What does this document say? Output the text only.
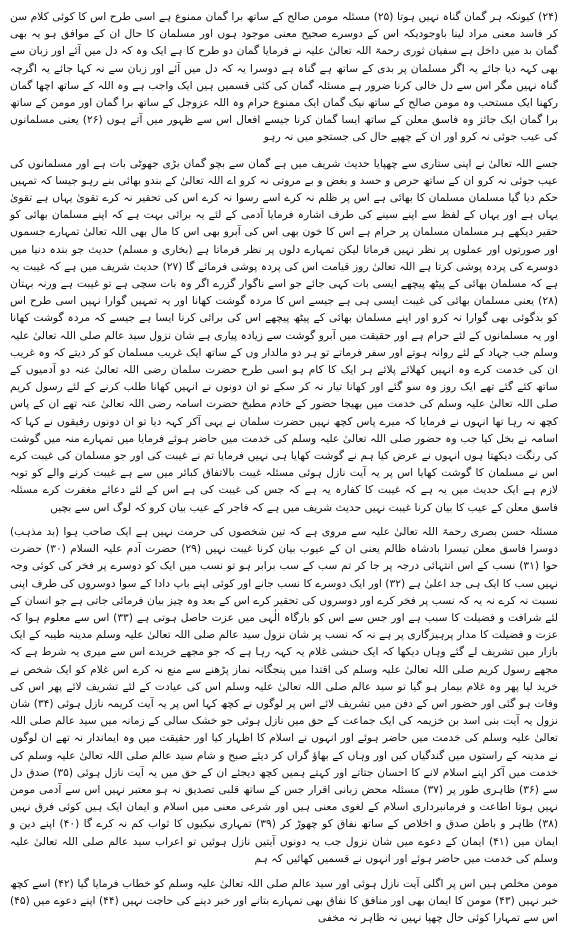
(۲۴) کیونکہ ہر گمان گناہ نہیں ہوتا (۲۵) مسئلہ مومن صالح کے ساتھ برا گمان ممنوع ہے اسی طرح اس کا کوئی کلام سن کر فاسد معنی مراد لینا باوجودیکہ اس کے دوسرے صحیح معنی موجود ہوں اور مسلمان کا حال ان کے موافق ہو یہ بھی گمان بد میں داخل ہے سفیان ثوری رحمۃ اللہ تعالیٰ علیہ نے فرمایا گمان دو طرح کا ہے ایک وہ کہ دل میں آئے اور زبان سے بھی کہہ دیا جائے یہ اگر مسلمان پر بدی کے ساتھ ہے گناہ ہے دوسرا یہ کہ دل میں آئے اور زبان سے نہ کہا جائے یہ اگرچہ گناہ نہیں مگر اس سے دل خالی کرنا ضرور ہے مسئلہ گمان کی کئی قسمیں ہیں ایک واجب ہے وہ اللہ کے ساتھ اچھا گمان رکھنا ایک مستحب وہ مومن صالح کے ساتھ نیک گمان ایک ممنوع حرام وہ اللہ عزوجل کے ساتھ برا گمان اور مومن کے ساتھ برا گمان ایک جائز وہ فاسق معلن کے ساتھ ایسا گمان کرنا جیسے افعال اس سے ظہور میں آتے ہوں (۲۶) یعنی مسلمانوں کی عیب جوئی نہ کرو اور ان کے چھپے حال کی جستجو میں نہ رہو

جسے اللہ تعالیٰ نے اپنی ستاری سے چھپایا حدیث شریف میں ہے گمان سے بچو گمان بڑی جھوٹی بات ہے اور مسلمانوں کی عیب جوئی نہ کرو ان کے ساتھ حرص و حسد و بغض و بے مروتی نہ کرو اے اللہ تعالیٰ کے بندو بھائی بنے رہو جیسا کہ تمہیں حکم دیا گیا مسلمان مسلمان کا بھائی ہے اس پر ظلم نہ کرے اسے رسوا نہ کرے اس کی تحقیر نہ کرے تقویٰ یہاں ہے تقویٰ یہاں ہے اور یہاں کے لفظ سے اپنے سینے کی طرف اشارہ فرمایا آدمی کے لئے یہ برائی بہت ہے کہ اپنے مسلمان بھائی کو حقیر دیکھے ہر مسلمان مسلمان پر حرام ہے اس کا خون بھی اس کی آبرو بھی اس کا مال بھی اللہ تعالیٰ تمہارے جسموں اور صورتوں اور عملوں پر نظر نہیں فرماتا لیکن تمہارے دلوں پر نظر فرماتا ہے (بخاری و مسلم) حدیث جو بندہ دنیا میں دوسرے کی پردہ پوشی کرتا ہے اللہ تعالیٰ روز قیامت اس کی پردہ پوشی فرمائے گا (۲۷) حدیث شریف میں ہے کہ غیبت یہ ہے کہ مسلمان بھائی کے پیٹھ پیچھے ایسی بات کہی جائے جو اسے ناگوار گزرے اگر وہ بات سچی ہے تو غیبت ہے ورنہ بہتان (۲۸) یعنی مسلمان بھائی کی غیبت ایسی ہی ہے جیسے اس کا مردہ گوشت کھانا اور یہ تمہیں گوارا نہیں اسی طرح اس کو بدگوئی بھی گوارا نہ کرو اور اپنے مسلمان بھائی کے پیٹھ پیچھے اس کی برائی کرنا ایسا ہے جیسے کہ مردہ گوشت کھانا اور یہ مسلمانوں کے لئے حرام ہے اور حقیقت میں آبرو گوشت سے زیادہ پیاری ہے شان نزول سید عالم صلی اللہ تعالیٰ علیہ وسلم جب جہاد کے لئے روانہ ہوتے اور سفر فرماتے تو ہر دو مالدار وں کے ساتھ ایک غریب مسلمان کو کر دیتے کہ وہ غریب ان کی خدمت کرے وہ انہیں کھلائے پلائے ہر ایک کا کام ہو اسی طرح حضرت سلمان رضی اللہ تعالیٰ عنہ دو آدمیوں کے ساتھ کئے گئے تھے ایک روز وہ سو گئے اور کھانا تیار نہ کر سکے تو ان دونوں نے انہیں کھانا طلب کرنے کے لئے رسول کریم صلی اللہ تعالیٰ علیہ وسلم کی خدمت میں بھیجا حضور کے خادم مطبخ حضرت اسامہ رضی اللہ تعالیٰ عنہ تھے ان کے پاس کچھ نہ رہا تھا انہوں نے فرمایا کہ میرے پاس کچھ نہیں حضرت سلمان نے یہی آکر کہہ دیا تو ان دونوں رفیقوں نے کہا کہ اسامہ نے بخل کیا جب وہ حضور صلی اللہ تعالیٰ علیہ وسلم کی خدمت میں حاضر ہوئے فرمایا میں تمہارے منہ میں گوشت کی رنگت دیکھتا ہوں انہوں نے عرض کیا ہم نے گوشت کھایا ہی نہیں فرمایا تم نے غیبت کی اور جو مسلمان کی غیبت کرے اس نے مسلمان کا گوشت کھایا اس پر یہ آیت نازل ہوئی مسئلہ غیبت بالاتفاق کبائر میں سے ہے غیبت کرنے والے کو توبہ لازم ہے ایک حدیث میں یہ ہے کہ غیبت کا کفارہ یہ ہے کہ جس کی غیبت کی ہے اس کے لئے دعائے مغفرت کرے مسئلہ فاسق معلن کے عیب کا بیان کرنا غیبت نہیں حدیث شریف میں ہے کہ فاجر کے عیب بیان کرو کہ لوگ اس سے بچیں

مسئلہ حسن بصری رحمۃ اللہ تعالیٰ علیہ سے مروی ہے کہ تین شخصوں کی حرمت نہیں ہے ایک صاحب ہوا (بد مذہب) دوسرا فاسق معلن تیسرا بادشاہ ظالم یعنی ان کے عیوب بیان کرنا غیبت نہیں (۲۹) حضرت آدم علیہ السلام (۳۰) حضرت حوا (۳۱) نسب کے اس انتہائی درجہ پر جا کر تم سب کے سب برابر ہو تو نسب میں ایک کو دوسرے پر فخر کی کوئی وجہ نہیں سب کا ایک ہی جد اعلیٰ ہے (۳۲) اور ایک دوسرے کا نسب جانے اور کوئی اپنے باپ دادا کے سوا دوسروں کی طرف اپنی نسبت نہ کرے نہ یہ کہ نسب پر فخر کرے اور دوسروں کی تحقیر کرے اس کے بعد وہ چیز بیان فرمائی جاتی ہے جو انسان کے لئے شرافت و فضیلت کا سبب ہے اور جس سے اس کو بارگاہ الٰہی میں عزت حاصل ہوتی ہے (۳۳) اس سے معلوم ہوا کہ عزت و فضیلت کا مدار پرہیزگاری پر ہے نہ کہ نسب پر شان نزول سید عالم صلی اللہ تعالیٰ علیہ وسلم مدینہ طیبہ کے ایک بازار میں تشریف لے گئے وہاں دیکھا کہ ایک حبشی غلام یہ کہہ رہا ہے کہ جو مجھے خریدے اس سے میری یہ شرط ہے کہ مجھے رسول کریم صلی اللہ تعالیٰ علیہ وسلم کی اقتدا میں پنجگانہ نماز پڑھنے سے منع نہ کرے اس غلام کو ایک شخص نے خرید لیا پھر وہ غلام بیمار ہو گیا تو سید عالم صلی اللہ تعالیٰ علیہ وسلم اس کی عیادت کے لئے تشریف لائے پھر اس کی وفات ہو گئی اور حضور اس کے دفن میں تشریف لائے اس پر لوگوں نے کچھ کہا اس پر یہ آیت کریمہ نازل ہوئی (۳۴) شان نزول یہ آیت بنی اسد بن خزیمہ کی ایک جماعت کے حق میں نازل ہوئی جو خشک سالی کے زمانہ میں سید عالم صلی اللہ تعالیٰ علیہ وسلم کی خدمت میں حاضر ہوئے اور انہوں نے اسلام کا اظہار کیا اور حقیقت میں وہ ایماندار نہ تھے ان لوگوں نے مدینہ کے راستوں میں گندگیاں کیں اور وہاں کے بھاؤ گراں کر دیئے صبح و شام سید عالم صلی اللہ تعالیٰ علیہ وسلم کی خدمت میں آکر اپنے اسلام لانے کا احسان جتاتے اور کہتے ہمیں کچھ دیجئے ان کے حق میں یہ آیت نازل ہوئی (۳۵) صدق دل سے (۳۶) ظاہری طور پر (۳۷) مسئلہ محض زبانی اقرار جس کے ساتھ قلبی تصدیق نہ ہو معتبر نہیں اس سے آدمی مومن نہیں ہوتا اطاعت و فرمانبرداری اسلام کے لغوی معنی ہیں اور شرعی معنی میں اسلام و ایمان ایک ہیں کوئی فرق نہیں (۳۸) ظاہر و باطن صدق و اخلاص کے ساتھ نفاق کو چھوڑ کر (۳۹) تمہاری نیکیوں کا ثواب کم نہ کرے گا (۴۰) اپنے دین و ایمان میں (۴۱) ایمان کے دعوے میں شان نزول جب یہ دونوں آیتیں نازل ہوئیں تو اعراب سید عالم صلی اللہ تعالیٰ علیہ وسلم کی خدمت میں حاضر ہوئے اور انہوں نے قسمیں کھائیں کہ ہم

مومن مخلص ہیں اس پر اگلی آیت نازل ہوئی اور سید عالم صلی اللہ تعالیٰ علیہ وسلم کو خطاب فرمایا گیا (۴۲) اسے کچھ خبر نہیں (۴۳) مومن کا ایمان بھی اور منافق کا نفاق بھی تمہارے بتانے اور خبر دینے کی حاجت نہیں (۴۴) اپنے دعوے میں (۴۵) اس سے تمہارا کوئی حال چھپا نہیں نہ ظاہر نہ مخفی
